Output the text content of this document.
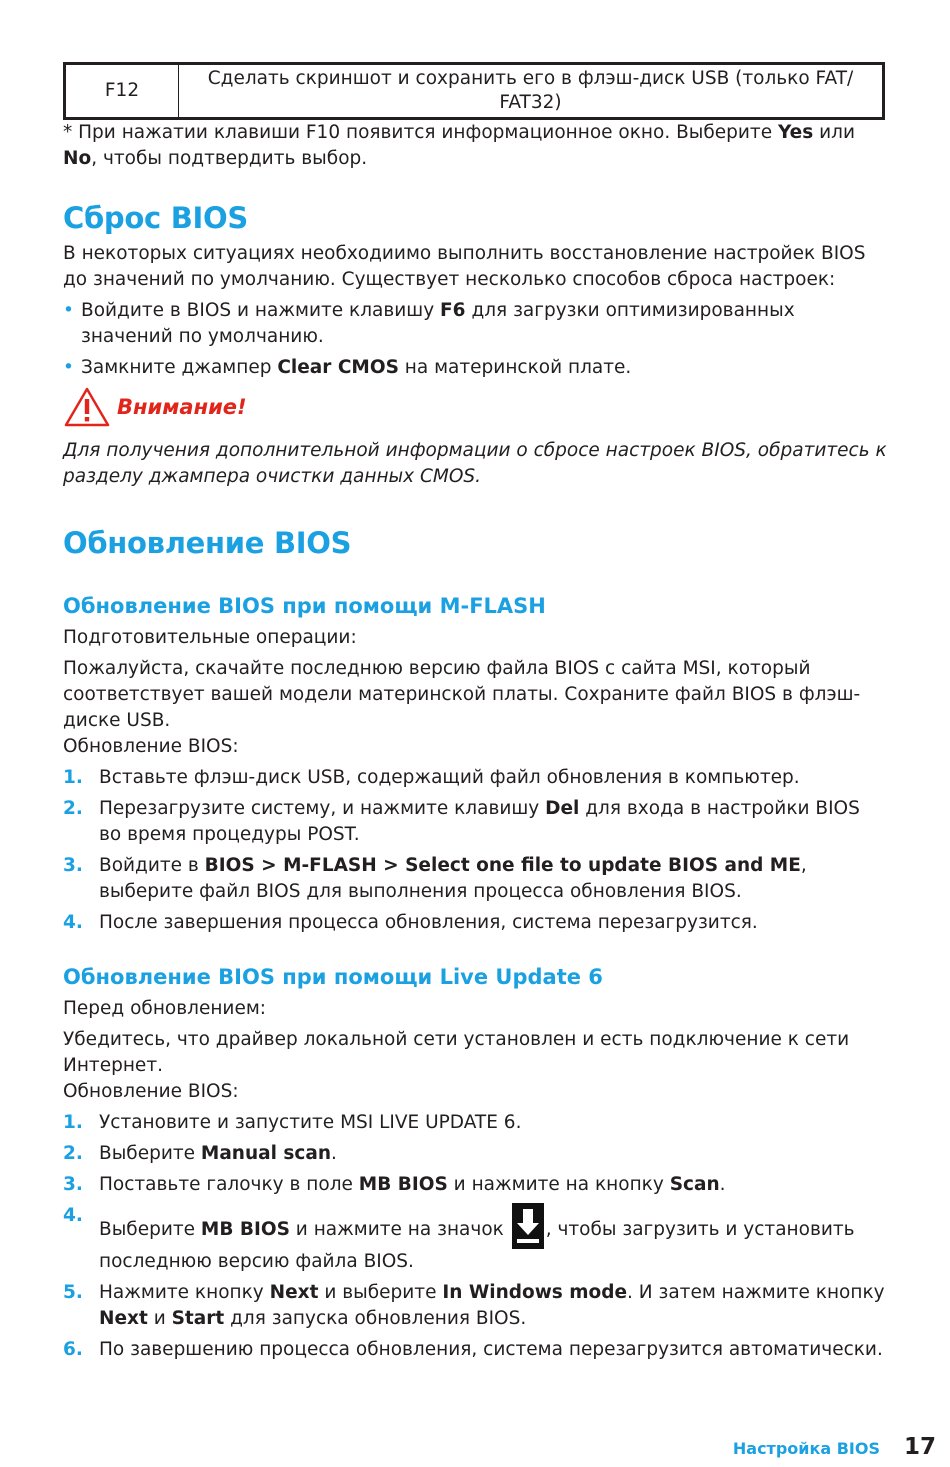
F12	Сделать скриншот и сохранить его в флэш-диск USB (только FAT/ FAT32)

* При нажатии клавиши F10 появится информационное окно. Выберите Yes или No, чтобы подтвердить выбор.

Сброс BIOS

В некоторых ситуациях необходиимо выполнить восстановление настройек BIOS до значений по умолчанию. Существует несколько способов сброса настроек:

• Войдите в BIOS и нажмите клавишу F6 для загрузки оптимизированных значений по умолчанию.
• Замкните джампер Clear CMOS на материнской плате.
Внимание!

Для получения дополнительной информации о сбросе настроек BIOS, обратитесь к разделу джампера очистки данных CMOS.

Обновление BIOS
Обновление BIOS при помощи M-FLASH

Подготовительные операции:

Пожалуйста, скачайте последнюю версию файла BIOS с сайта MSI, который соответствует вашей модели материнской платы. Сохраните файл BIOS в флэш-диске USB.

Обновление BIOS:

1. Вставьте флэш-диск USB, содержащий файл обновления в компьютер.
2. Перезагрузите систему, и нажмите клавишу Del для входа в настройки BIOS во время процедуры POST.
3. Войдите в BIOS > M-FLASH > Select one file to update BIOS and ME, выберите файл BIOS для выполнения процесса обновления BIOS.
4. После завершения процесса обновления, система перезагрузится.
Обновление BIOS при помощи Live Update 6

Перед обновлением:

Убедитесь, что драйвер локальной сети установлен и есть подключение к сети Интернет.

Обновление BIOS:

1. Установите и запустите MSI LIVE UPDATE 6.
2. Выберите Manual scan.
3. Поставьте галочку в поле MB BIOS и нажмите на кнопку Scan.
4.
Выберите MB BIOS и нажмите на значок , чтобы загрузить и установить последнюю версию файла BIOS.
5. Нажмите кнопку Next и выберите In Windows mode. И затем нажмите кнопку Next и Start для запуска обновления BIOS.
6. По завершению процесса обновления, система перезагрузится автоматически.
Настройка BIOS 17
